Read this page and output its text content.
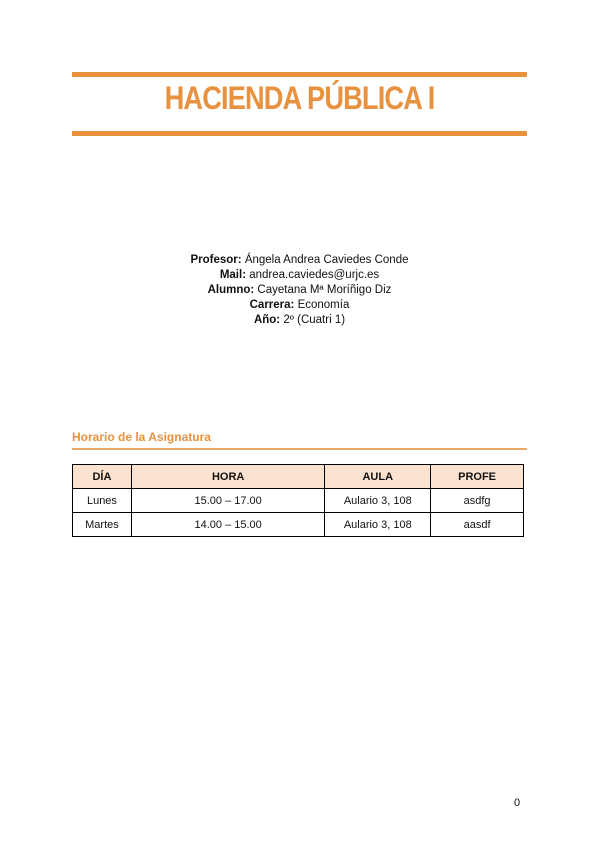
HACIENDA PÚBLICA I
Profesor: Ángela Andrea Caviedes Conde
Mail: andrea.caviedes@urjc.es
Alumno: Cayetana Mª Moríñigo Diz
Carrera: Economía
Año: 2º (Cuatri 1)
Horario de la Asignatura
DÍA	HORA	AULA	PROFE
Lunes	15.00 – 17.00	Aulario 3, 108	asdfg
Martes	14.00 – 15.00	Aulario 3, 108	aasdf
0
